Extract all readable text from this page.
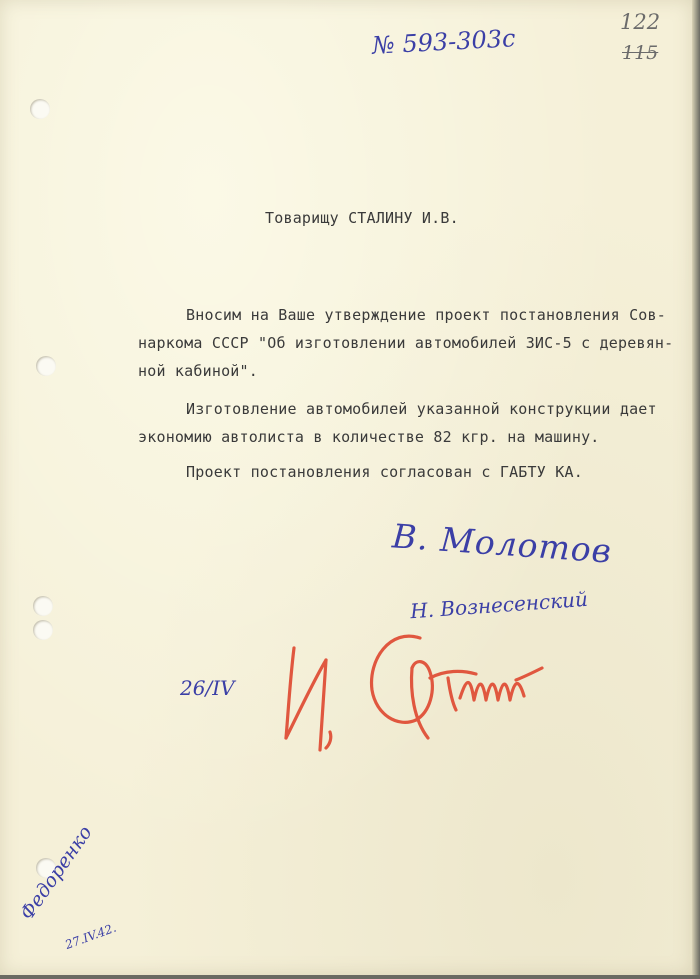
№ 593-303с
122
115
Товарищу СТАЛИНУ И.В.
Вносим на Ваше утверждение проект постановления Сов-
наркома СССР "Об изготовлении автомобилей ЗИС-5 с деревян-
ной кабиной".
Изготовление автомобилей указанной конструкции дает
экономию автолиста в количестве 82 кгр. на машину.
Проект постановления согласован с ГАБТУ КА.
В. Молотов
Н. Вознесенский
26/IV
Федоренко
27.IV.42.
